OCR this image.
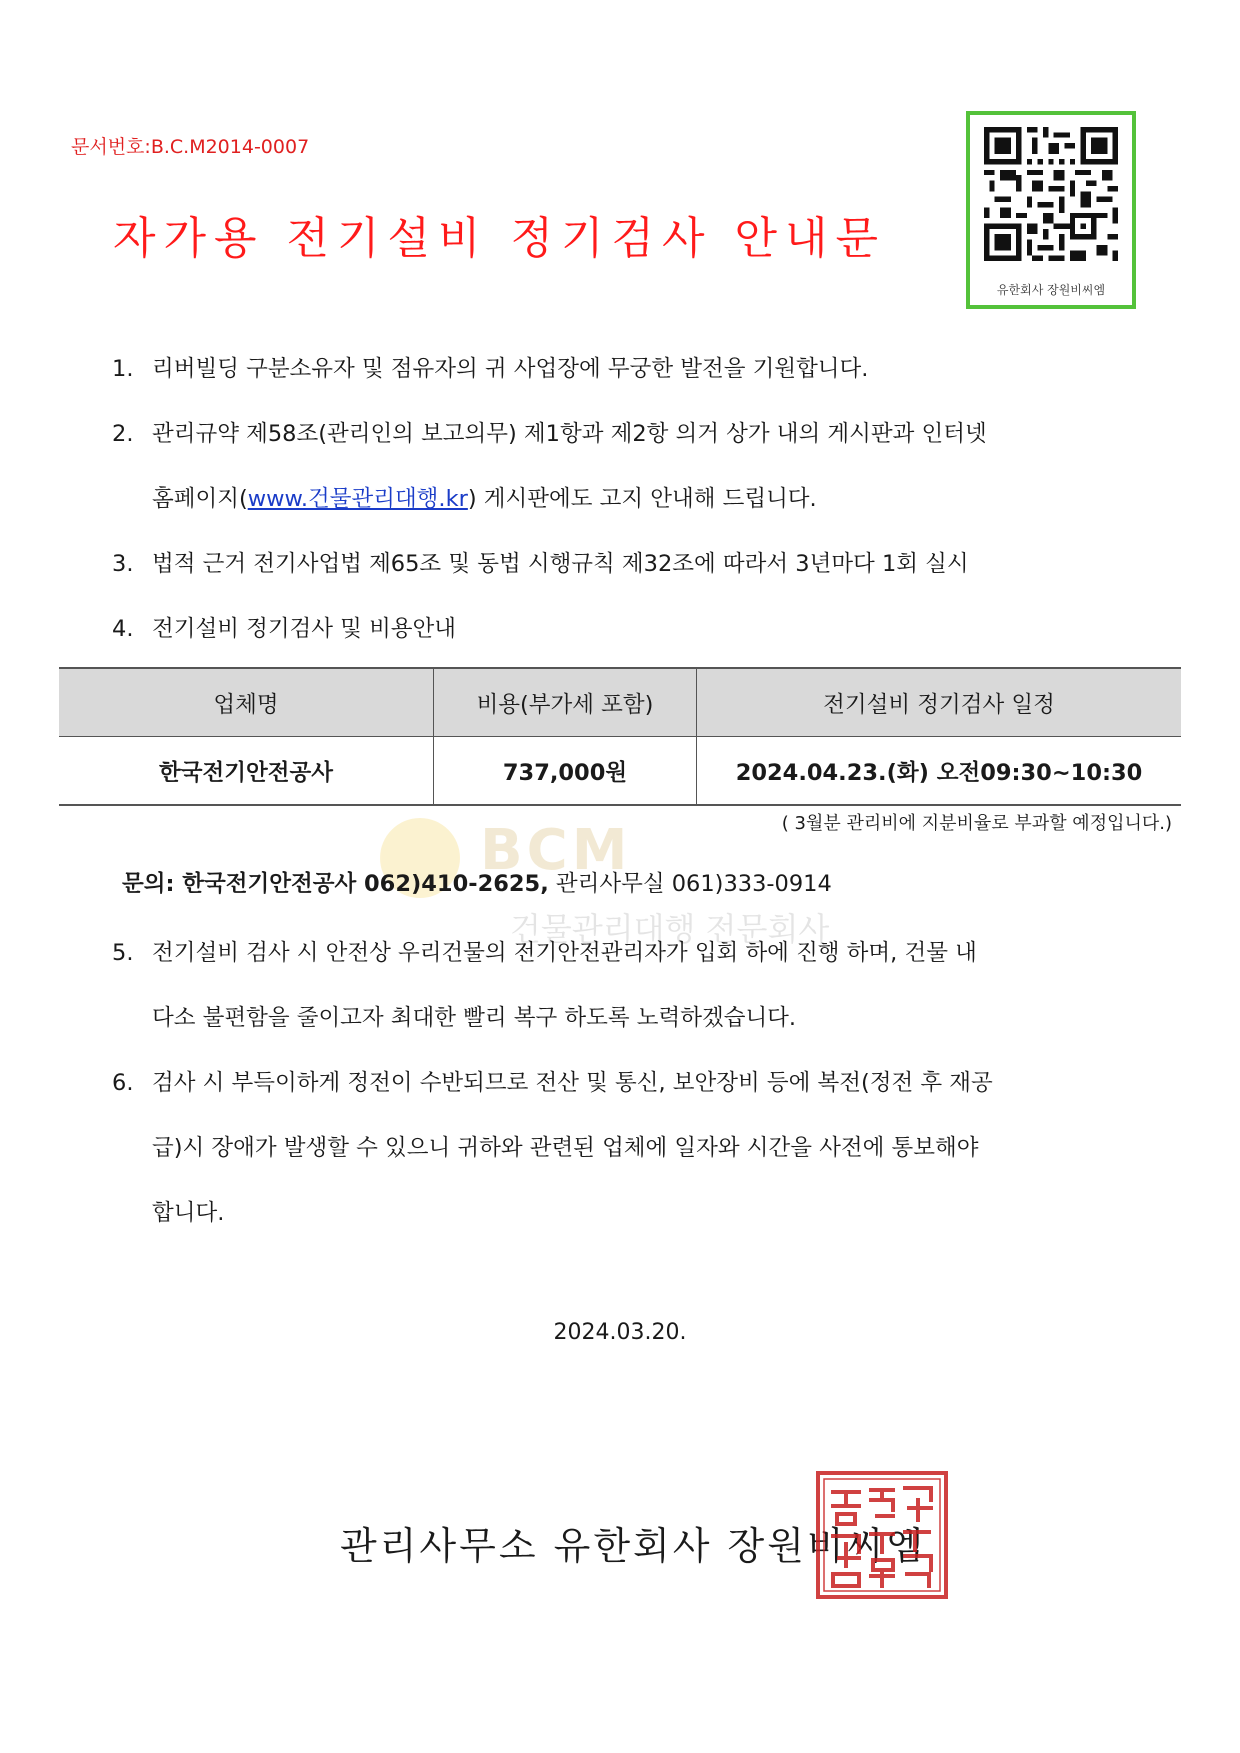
문서번호:B.C.M2014-0007
자가용 전기설비 정기검사 안내문
유한회사 장원비씨엠
1. 리버빌딩 구분소유자 및 점유자의 귀 사업장에 무궁한 발전을 기원합니다.
2. 관리규약 제58조(관리인의 보고의무) 제1항과 제2항 의거 상가 내의 게시판과 인터넷
홈페이지(www.건물관리대행.kr) 게시판에도 고지 안내해 드립니다.
3. 법적 근거 전기사업법 제65조 및 동법 시행규칙 제32조에 따라서 3년마다 1회 실시
4. 전기설비 정기검사 및 비용안내
업체명	비용(부가세 포함)	전기설비 정기검사 일정
한국전기안전공사	737,000원	2024.04.23.(화) 오전09:30~10:30
( 3월분 관리비에 지분비율로 부과할 예정입니다.)
BCM
건물관리대행 전문회사
문의: 한국전기안전공사 062)410-2625, 관리사무실 061)333-0914
5. 전기설비 검사 시 안전상 우리건물의 전기안전관리자가 입회 하에 진행 하며, 건물 내
다소 불편함을 줄이고자 최대한 빨리 복구 하도록 노력하겠습니다.
6. 검사 시 부득이하게 정전이 수반되므로 전산 및 통신, 보안장비 등에 복전(정전 후 재공
급)시 장애가 발생할 수 있으니 귀하와 관련된 업체에 일자와 시간을 사전에 통보해야
합니다.
2024.03.20.
관리사무소 유한회사 장원비씨엠
